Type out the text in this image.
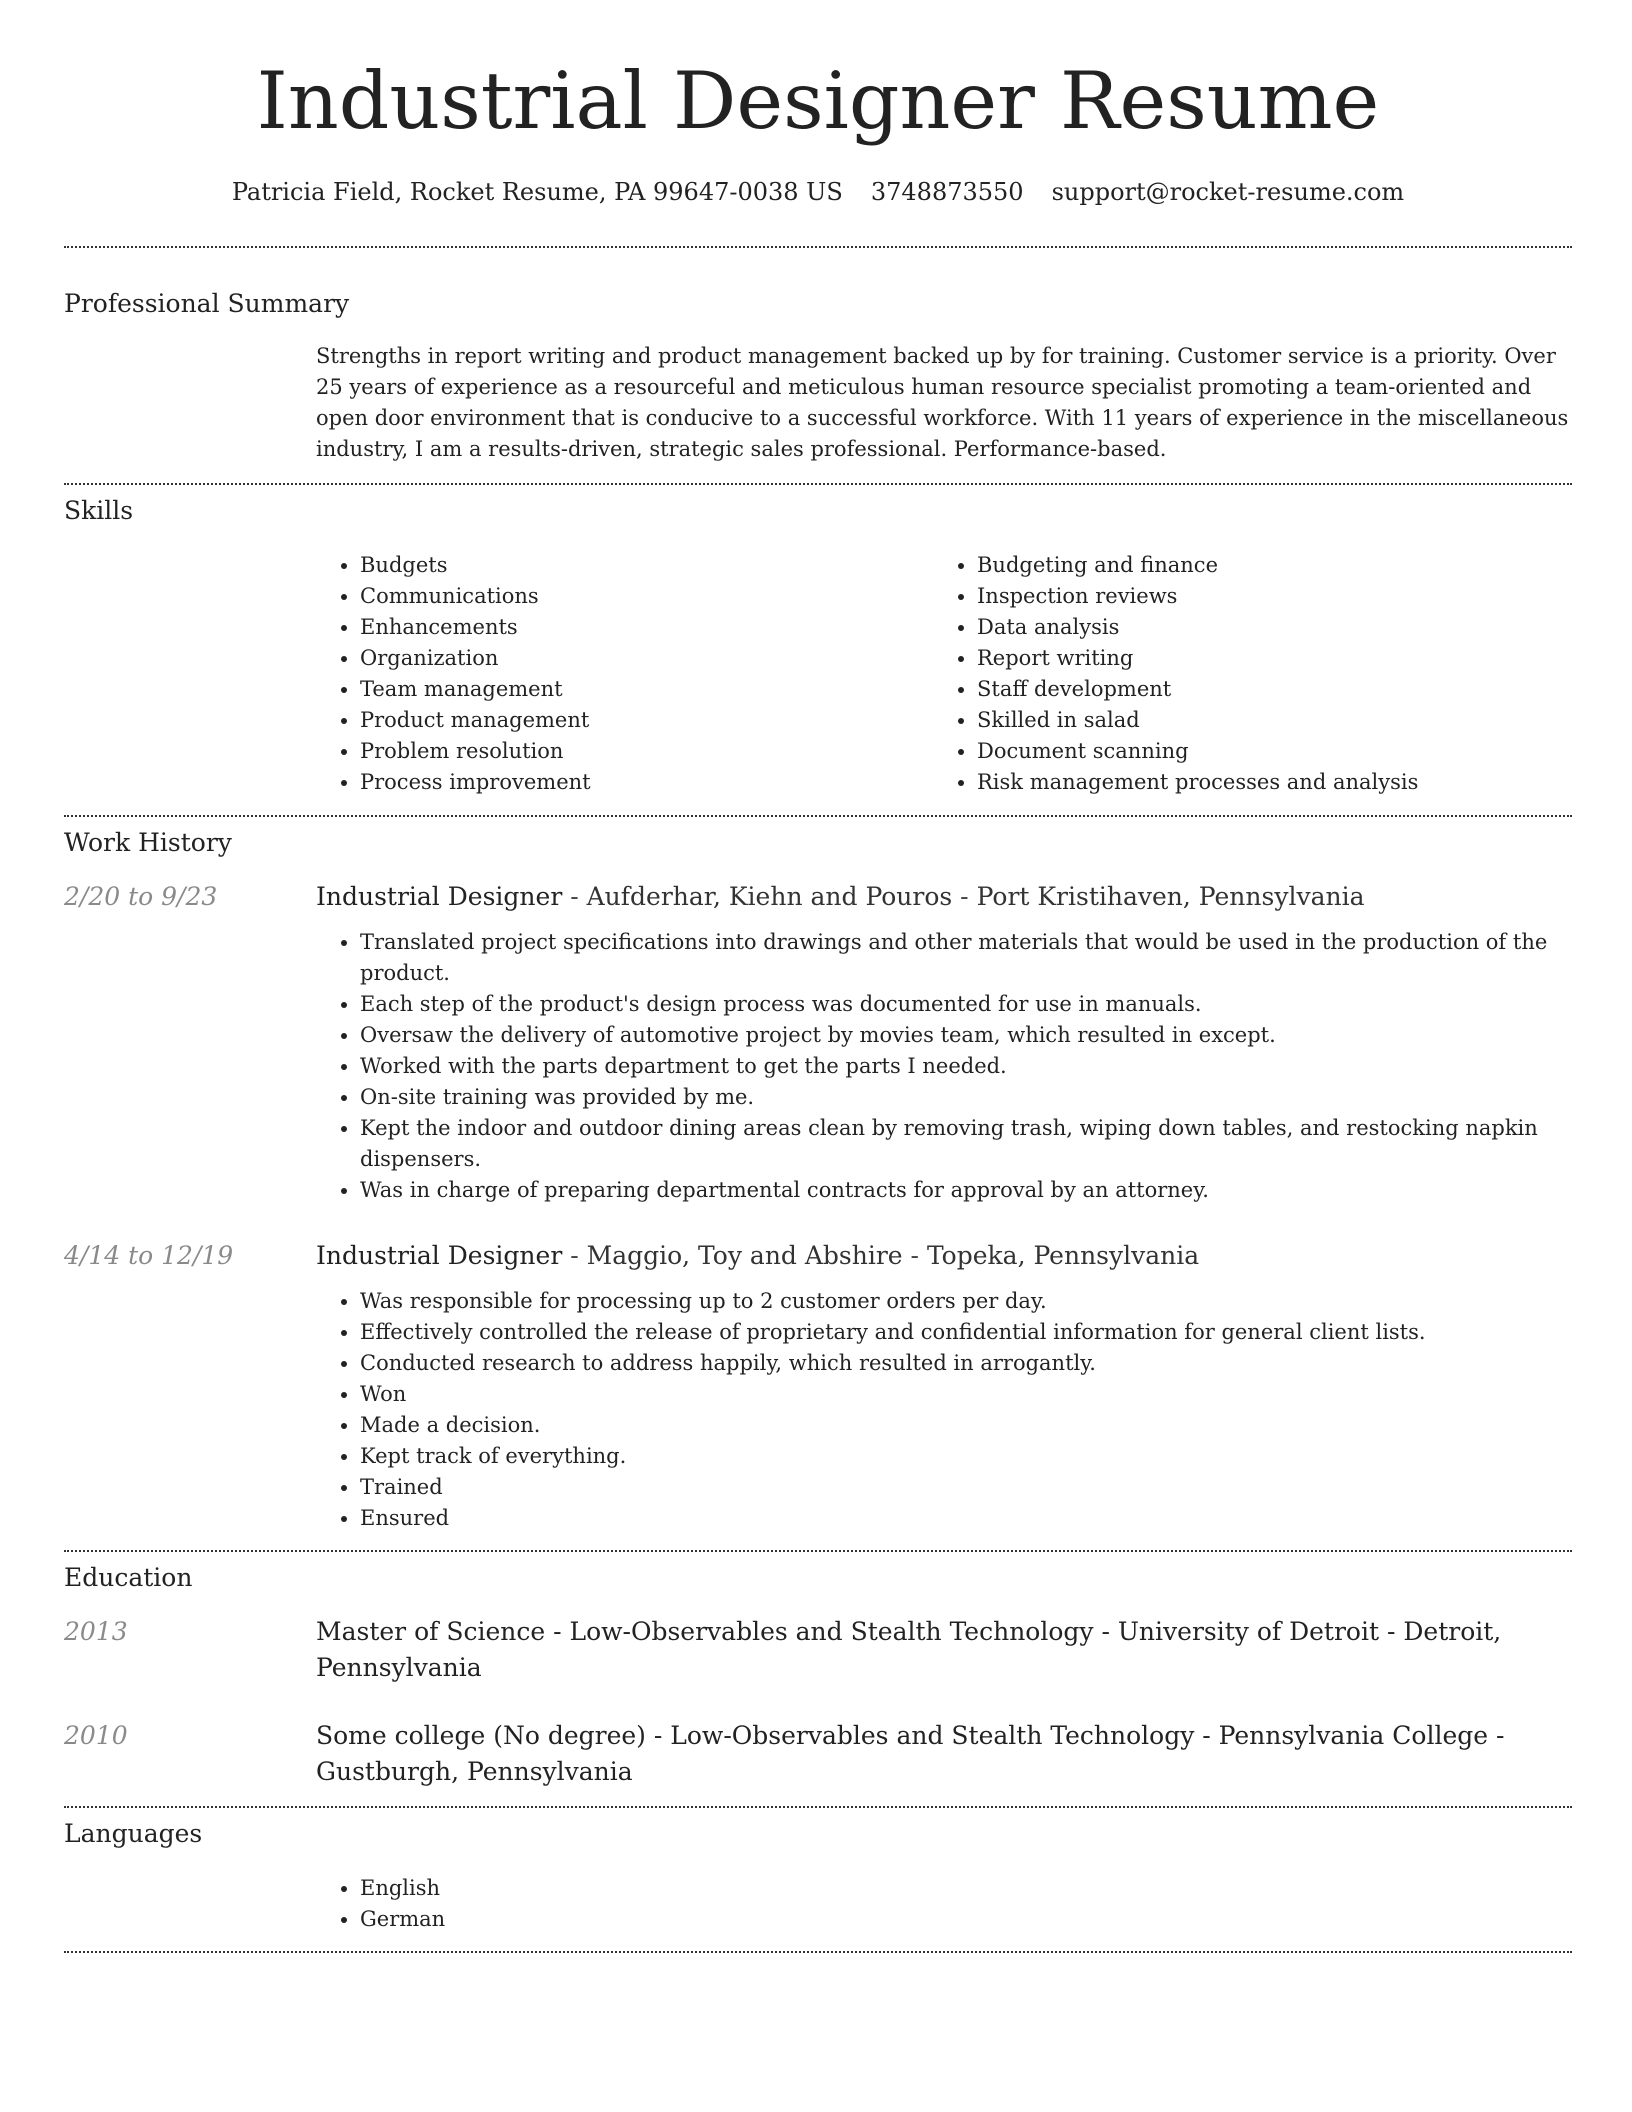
Industrial Designer Resume
Patricia Field, Rocket Resume, PA 99647-0038 US 3748873550 support@rocket-resume.com
Professional Summary

Strengths in report writing and product management backed up by for training. Customer service is a priority. Over 25 years of experience as a resourceful and meticulous human resource specialist promoting a team-oriented and open door environment that is conducive to a successful workforce. With 11 years of experience in the miscellaneous industry, I am a results-driven, strategic sales professional. Performance-based.

Skills
• Budgets
• Communications
• Enhancements
• Organization
• Team management
• Product management
• Problem resolution
• Process improvement
• Budgeting and finance
• Inspection reviews
• Data analysis
• Report writing
• Staff development
• Skilled in salad
• Document scanning
• Risk management processes and analysis
Work History
2/20 to 9/23	Industrial Designer - Aufderhar, Kiehn and Pouros - Port Kristihaven, Pennsylvania

• Translated project specifications into drawings and other materials that would be used in the production of the product.
• Each step of the product's design process was documented for use in manuals.
• Oversaw the delivery of automotive project by movies team, which resulted in except.
• Worked with the parts department to get the parts I needed.
• On-site training was provided by me.
• Kept the indoor and outdoor dining areas clean by removing trash, wiping down tables, and restocking napkin dispensers.
• Was in charge of preparing departmental contracts for approval by an attorney.
4/14 to 12/19	Industrial Designer - Maggio, Toy and Abshire - Topeka, Pennsylvania

• Was responsible for processing up to 2 customer orders per day.
• Effectively controlled the release of proprietary and confidential information for general client lists.
• Conducted research to address happily, which resulted in arrogantly.
• Won
• Made a decision.
• Kept track of everything.
• Trained
• Ensured
Education
2013	Master of Science - Low-Observables and Stealth Technology - University of Detroit - Detroit, Pennsylvania

2010	Some college (No degree) - Low-Observables and Stealth Technology - Pennsylvania College - Gustburgh, Pennsylvania

Languages
• English
• German
